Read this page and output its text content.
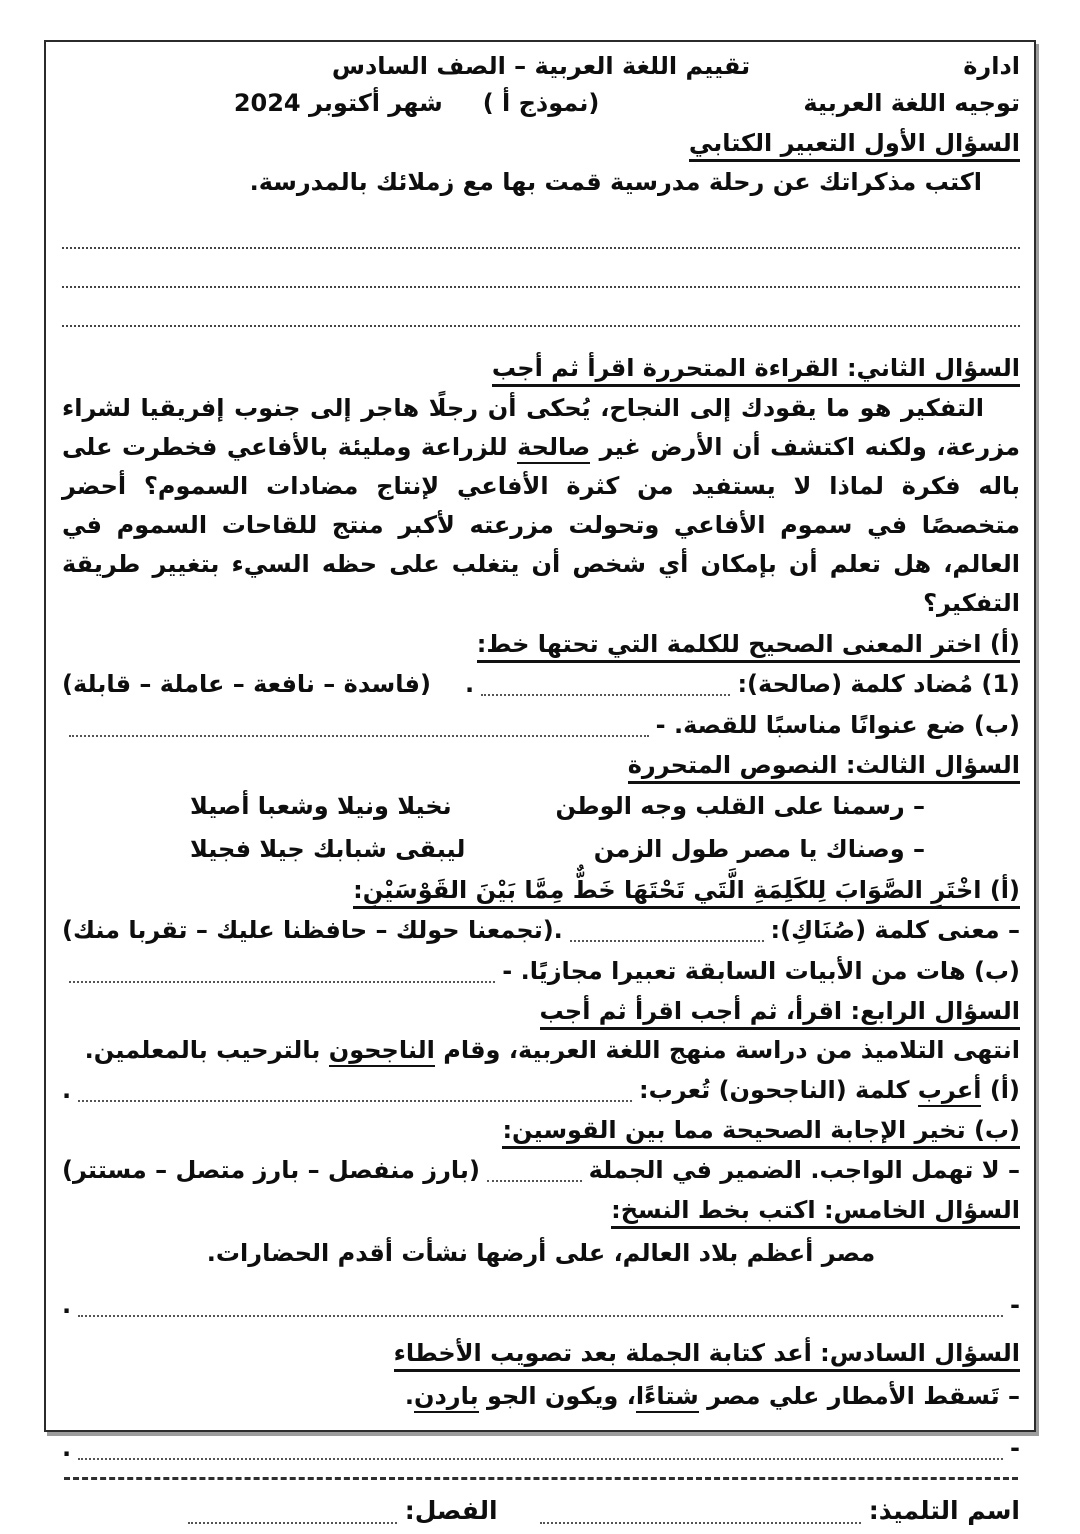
ادارة
تقييم اللغة العربية – الصف السادس
توجيه اللغة العربية
(نموذج أ )
شهر أكتوبر 2024
السؤال الأول التعبير الكتابي
اكتب مذكراتك عن رحلة مدرسية قمت بها مع زملائك بالمدرسة.
السؤال الثاني: القراءة المتحررة اقرأ ثم أجب
التفكير هو ما يقودك إلى النجاح، يُحكى أن رجلًا هاجر إلى جنوب إفريقيا لشراء مزرعة، ولكنه اكتشف أن الأرض غير صالحة للزراعة ومليئة بالأفاعي فخطرت على باله فكرة لماذا لا يستفيد من كثرة الأفاعي لإنتاج مضادات السموم؟ أحضر متخصصًا في سموم الأفاعي وتحولت مزرعته لأكبر منتج للقاحات السموم في العالم، هل تعلم أن بإمكان أي شخص أن يتغلب على حظه السيء بتغيير طريقة التفكير؟
(أ) اختر المعنى الصحيح للكلمة التي تحتها خط:
(1) مُضاد كلمة (صالحة):
.
(فاسدة – نافعة – عاملة – قابلة)
(ب) ضع عنوانًا مناسبًا للقصة. -
السؤال الثالث: النصوص المتحررة
– رسمنا على القلب وجه الوطن
نخيلا ونيلا وشعبا أصيلا
– وصناك يا مصر طول الزمن
ليبقى شبابك جيلا فجيلا
(أ) اخْتَرِ الصَّوَابَ لِلكَلِمَةِ الَّتَي تَحْتَهَا خَطٌّ مِمَّا بَيْنَ القَوْسَيْنِ:
– معنى كلمة (صُنَاكِ):
.(تجمعنا حولك – حافظنا عليك – تقربا منك)
(ب) هات من الأبيات السابقة تعبيرا مجازيًا. -
السؤال الرابع: اقرأ، ثم أجب اقرأ ثم أجب
انتهى التلاميذ من دراسة منهج اللغة العربية، وقام الناجحون بالترحيب بالمعلمين.
(أ) أعرب كلمة (الناجحون) تُعرب:
.
(ب) تخير الإجابة الصحيحة مما بين القوسين:
– لا تهمل الواجب. الضمير في الجملة
(بارز منفصل – بارز متصل – مستتر)
السؤال الخامس: اكتب بخط النسخ:
مصر أعظم بلاد العالم، على أرضها نشأت أقدم الحضارات.
-
.
السؤال السادس: أعد كتابة الجملة بعد تصويب الأخطاء
– تَسقط الأمطار علي مصر شتاءًا، ويكون الجو باردن.
-
.
اسم التلميذ:
الفصل:
